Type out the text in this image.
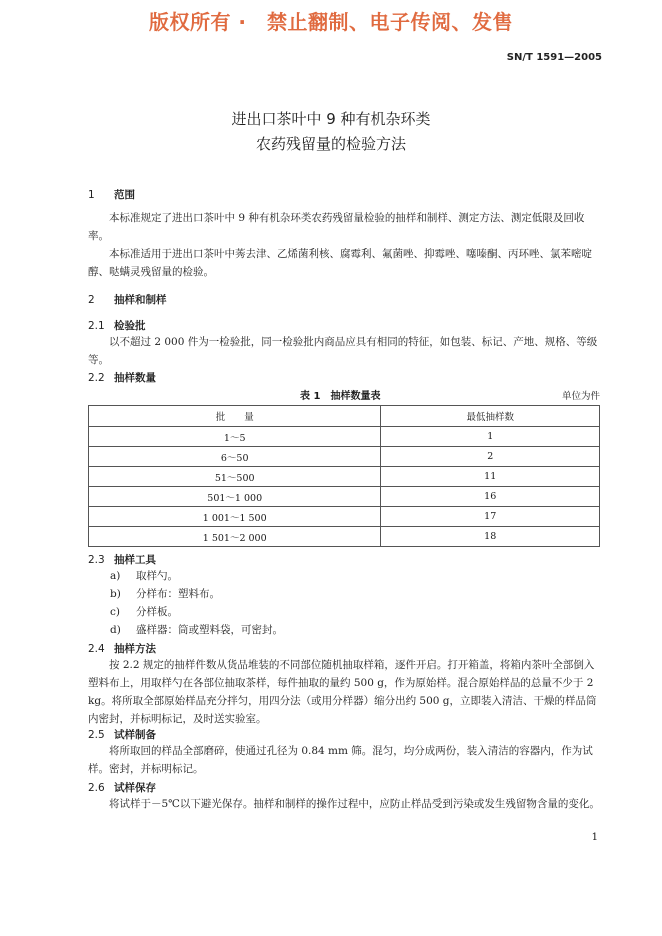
版权所有 ·　禁止翻制、电子传阅、发售
SN/T 1591—2005
进出口茶叶中 9 种有机杂环类
农药残留量的检验方法
1 范围
本标准规定了进出口茶叶中 9 种有机杂环类农药残留量检验的抽样和制样、测定方法、测定低限及回收率。
本标准适用于进出口茶叶中莠去津、乙烯菌利核、腐霉利、氟菌唑、抑霉唑、噻嗪酮、丙环唑、氯苯嘧啶醇、哒螨灵残留量的检验。
2 抽样和制样
2.1 检验批
以不超过 2 000 件为一检验批，同一检验批内商品应具有相同的特征，如包装、标记、产地、规格、等级等。
2.2 抽样数量
表 1　抽样数量表	单位为件
批　　量	最低抽样数
1～5	1
6～50	2
51～500	11
501～1 000	16
1 001～1 500	17
1 501～2 000	18
2.3 抽样工具
a) 取样勺。
b) 分样布：塑料布。
c) 分样板。
d) 盛样器：筒或塑料袋，可密封。
2.4 抽样方法
按 2.2 规定的抽样件数从货品堆装的不同部位随机抽取样箱，逐件开启。打开箱盖，将箱内茶叶全部倒入塑料布上，用取样勺在各部位抽取茶样，每件抽取的量约 500 g，作为原始样。混合原始样品的总量不少于 2 kg。将所取全部原始样品充分拌匀，用四分法（或用分样器）缩分出约 500 g，立即装入清洁、干燥的样品筒内密封，并标明标记，及时送实验室。
2.5 试样制备
将所取回的样品全部磨碎，使通过孔径为 0.84 mm 筛。混匀，均分成两份，装入清洁的容器内，作为试样。密封，并标明标记。
2.6 试样保存
将试样于－5℃以下避光保存。抽样和制样的操作过程中，应防止样品受到污染或发生残留物含量的变化。
1
